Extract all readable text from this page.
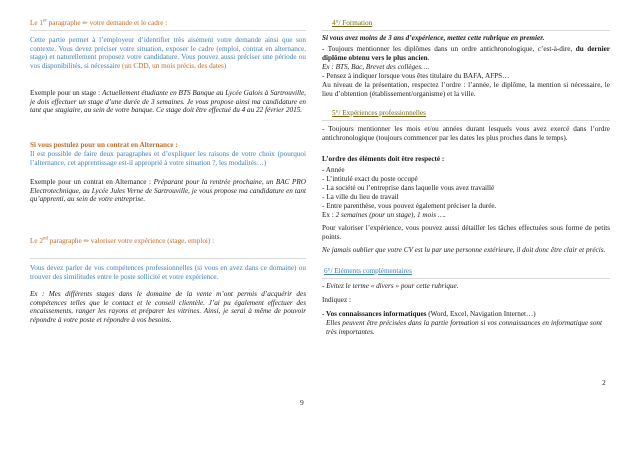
Le 1er paragraphe ✏ votre demande et le cadre :

Cette partie permet à l’employeur d’identifier très aisément votre demande ainsi que son contexte. Vous devez préciser votre situation, exposer le cadre (emploi, contrat en alternance, stage) et naturellement proposez votre candidature. Vous pouvez aussi préciser une période ou vos disponibilités, si nécessaire (un CDD, un mois précis, des dates)

Exemple pour un stage : Actuellement étudiante en BTS Banque au Lycée Galois à Sartrouville, je dois effectuer un stage d’une durée de 3 semaines. Je vous propose ainsi ma candidature en tant que stagiaire, au sein de votre banque. Ce stage doit être effectué du 4 au 22 février 2015.

Si vous postulez pour un contrat en Alternance :

Il est possible de faire deux paragraphes et d’expliquer les raisons de votre choix (pourquoi l’alternance, cet apprentissage est-il approprié à votre situation ?, les modalités…)

Exemple pour un contrat en Alternance : Préparant pour la rentrée prochaine, un BAC PRO Electrotechnique, au Lycée Jules Verne de Sartrouville, je vous propose ma candidature en tant qu’apprenti, au sein de votre entreprise.

Le 2nd paragraphe ✏ valoriser votre expérience (stage, emploi) :

Vous devez parler de vos compétences professionnelles (si vous en avez dans ce domaine) ou trouver des similitudes entre le poste sollicité et votre expérience.

Ex : Mes différents stages dans le domaine de la vente m’ont permis d’acquérir des compétences telles que le contact et le conseil clientèle. J’ai pu également effectuer des encaissements, ranger les rayons et préparer les vitrines. Ainsi, je serai à même de pouvoir répondre à votre poste et répondre à vos besoins.

9

4°/ Formation

Si vous avez moins de 3 ans d’expérience, mettez cette rubrique en premier.

- Toujours mentionner les diplômes dans un ordre antichronologique, c’est-à-dire, du dernier diplôme obtenu vers le plus ancien.

Ex : BTS, Bac, Brevet des collèges….

- Pensez à indiquer lorsque vous êtes titulaire du BAFA, AFPS…

Au niveau de la présentation, respectez l’ordre : l’année, le diplôme, la mention si nécessaire, le lieu d’obtention (établissement/organisme) et la ville.

5°/ Expériences professionnelles

- Toujours mentionner les mois et/ou années durant lesquels vous avez exercé dans l’ordre antichronologique (toujours commencer par les dates les plus proches dans le temps).

L’ordre des éléments doit être respecté :

- Année

- L’intitulé exact du poste occupé

- La société ou l’entreprise dans laquelle vous avez travaillé

- La ville du lieu de travail

- Entre parenthèse, vous pouvez également préciser la durée.

Ex : 2 semaines (pour un stage), 1 mois ….

Pour valoriser l’expérience, vous pouvez aussi détailler les tâches effectuées sous forme de petits points.

Ne jamais oublier que votre CV est lu par une personne extérieure, il doit donc être clair et précis.

6°/ Eléments complémentaires

- Evitez le terme « divers » pour cette rubrique.

Indiquez :

- Vos connaissances informatiques (Word, Excel, Navigation Internet…)

Elles peuvent être précisées dans la partie formation si vos connaissances en informatique sont très importantes.

2
